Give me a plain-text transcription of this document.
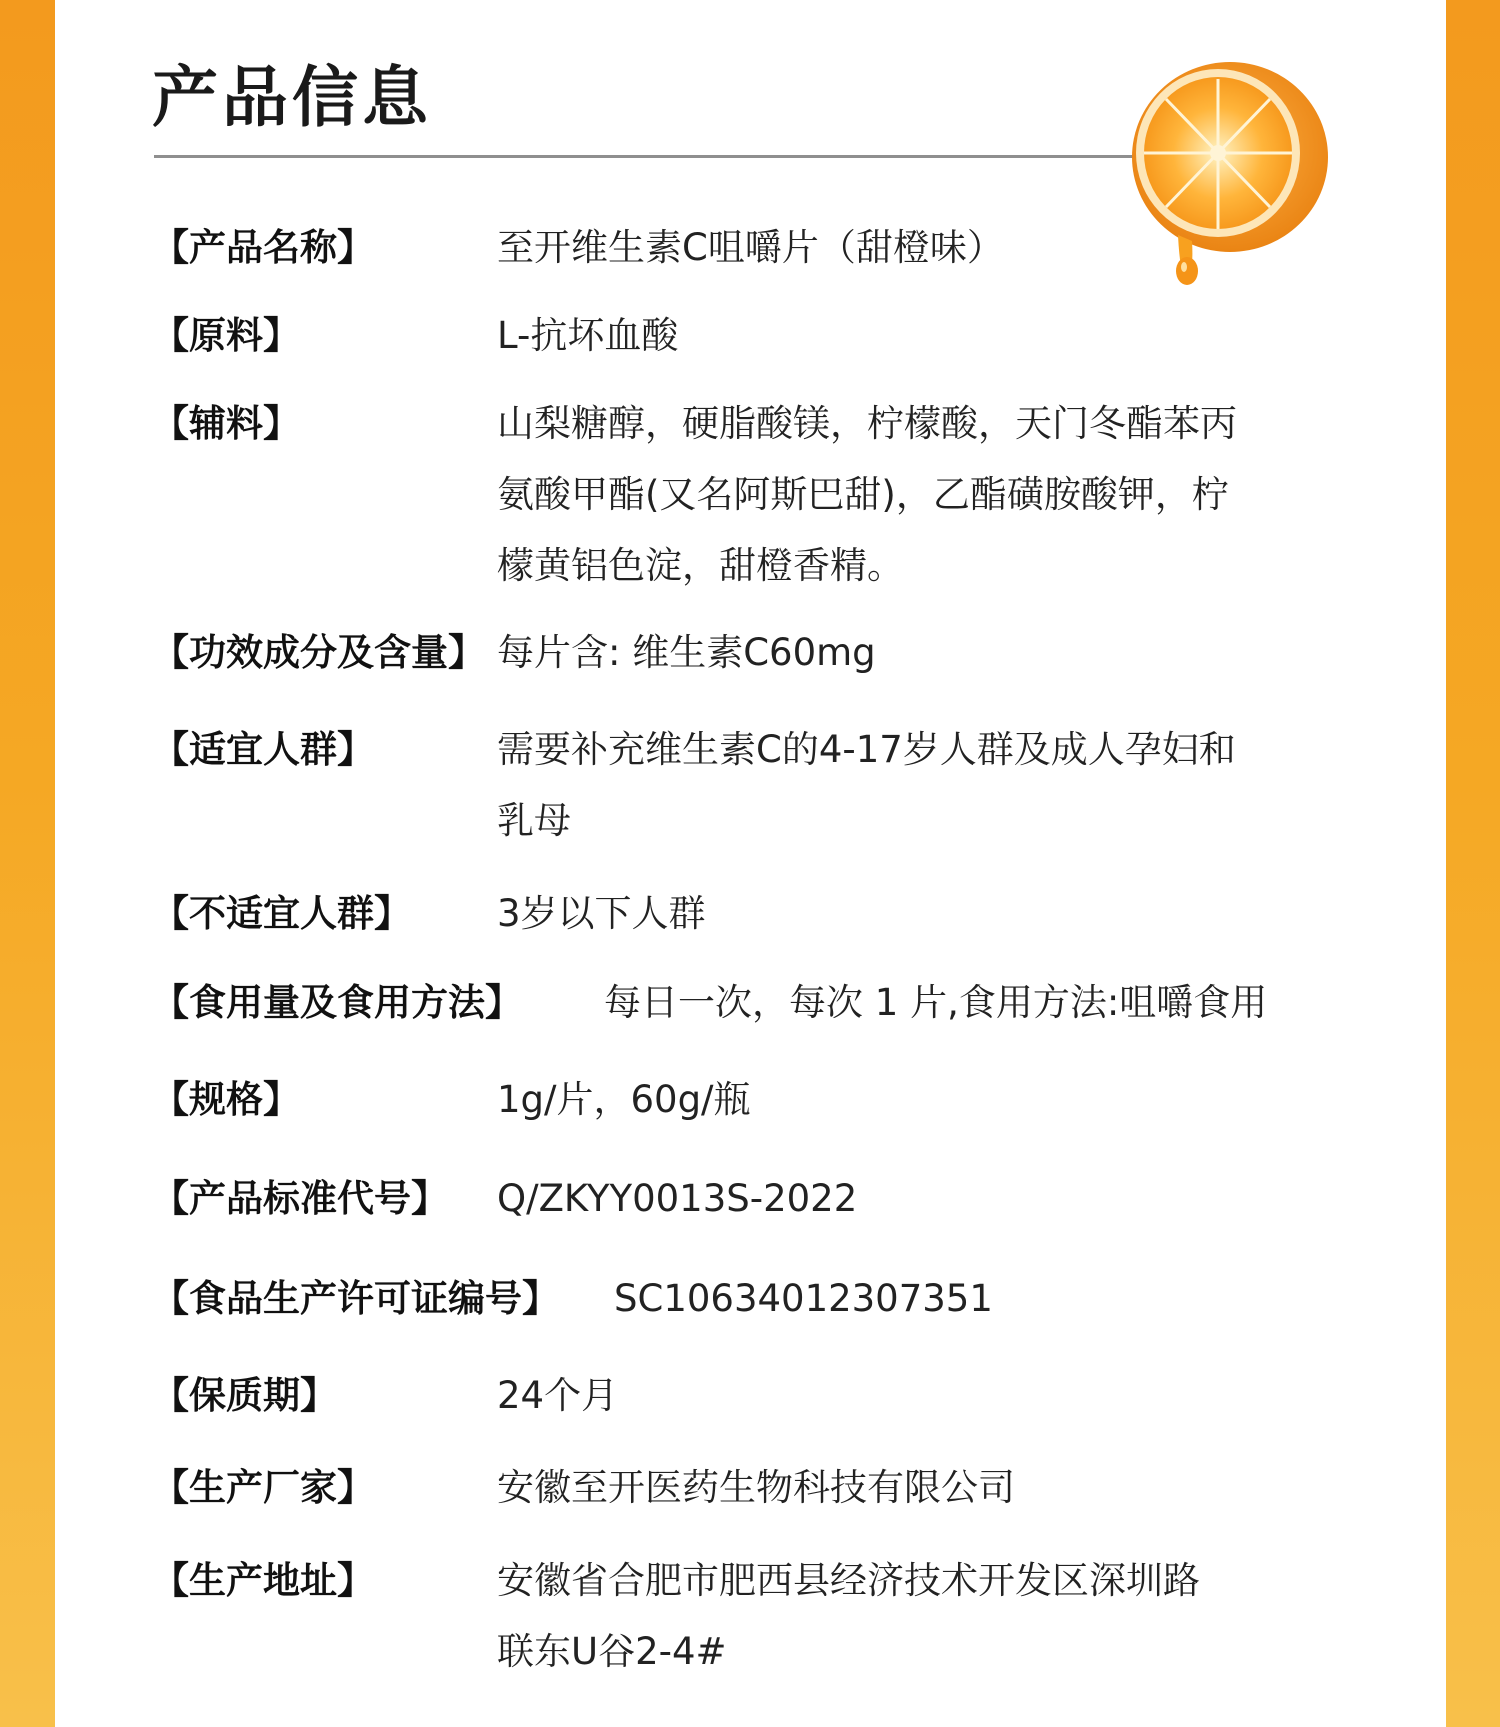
产品信息
【产品名称】	至开维生素C咀嚼片（甜橙味）
【原料】	L-抗坏血酸
【辅料】	山梨糖醇，硬脂酸镁，柠檬酸，天门冬酯苯丙
氨酸甲酯(又名阿斯巴甜)，乙酯磺胺酸钾，柠
檬黄铝色淀，甜橙香精。
【功效成分及含量】 每片含: 维生素C60mg
【适宜人群】	需要补充维生素C的4-17岁人群及成人孕妇和
乳母
【不适宜人群】 3岁以下人群
【食用量及食用方法】 每日一次，每次 1 片,食用方法:咀嚼食用
【规格】	1g/片，60g/瓶
【产品标准代号】 Q/ZKYY0013S-2022
【食品生产许可证编号】 SC10634012307351
【保质期】	24个月
【生产厂家】	安徽至开医药生物科技有限公司
【生产地址】	安徽省合肥市肥西县经济技术开发区深圳路
联东U谷2-4#
